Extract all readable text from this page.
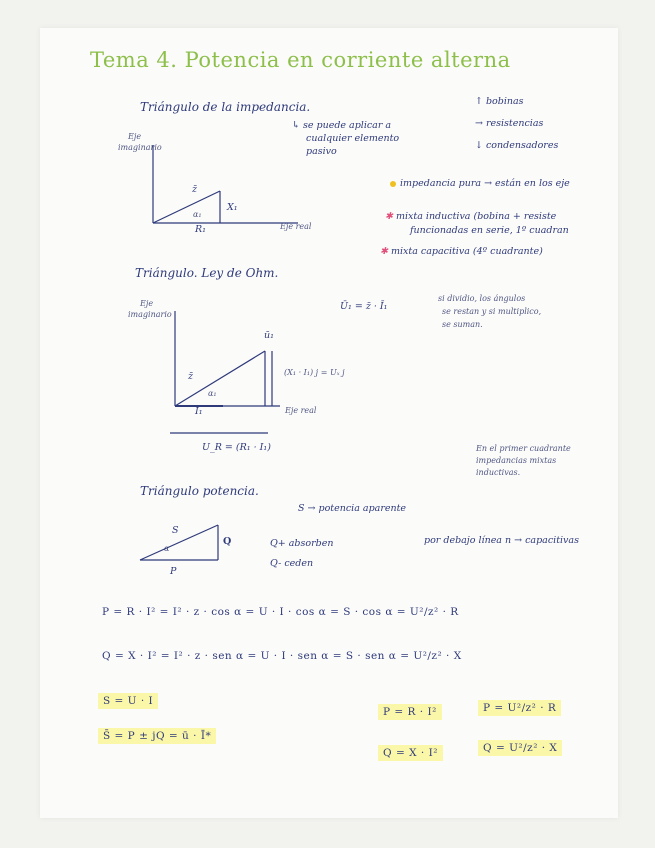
Tema 4. Potencia en corriente alterna
Triángulo de la impedancia.
Eje
imaginario
Eje real
z̄
α₁
X₁
R₁
↳ se puede aplicar a
cualquier elemento
pasivo
↑ bobinas
→ resistencias
↓ condensadores
impedancia pura → están en los eje
✱ mixta inductiva (bobina + resiste
funcionadas en serie, 1º cuadran
✱ mixta capacitiva (4º cuadrante)
Triángulo. Ley de Ohm.
Eje
imaginario
Eje real
ū₁
z̄
α₁
Ī₁
(X₁ · I₁) j = Uₓ j
U_R = (R₁ · I₁)
Ū₁ = z̄ · Ī₁
si dividio, los ángulos
se restan y si multiplico,
se suman.
En el primer cuadrante
impedancias mixtas
inductivas.
Triángulo potencia.
S
Q
P
α
S → potencia aparente
Q+ absorben
Q- ceden
por debajo línea n → capacitivas
P = R · I² = I² · z · cos α = U · I · cos α = S · cos α = U²/z² · R
Q = X · I² = I² · z · sen α = U · I · sen α = S · sen α = U²/z² · X
S = U · I
S̄ = P ± jQ = ū · Ī*
P = R · I²	P = U²/z² · R
Q = X · I²	Q = U²/z² · X
